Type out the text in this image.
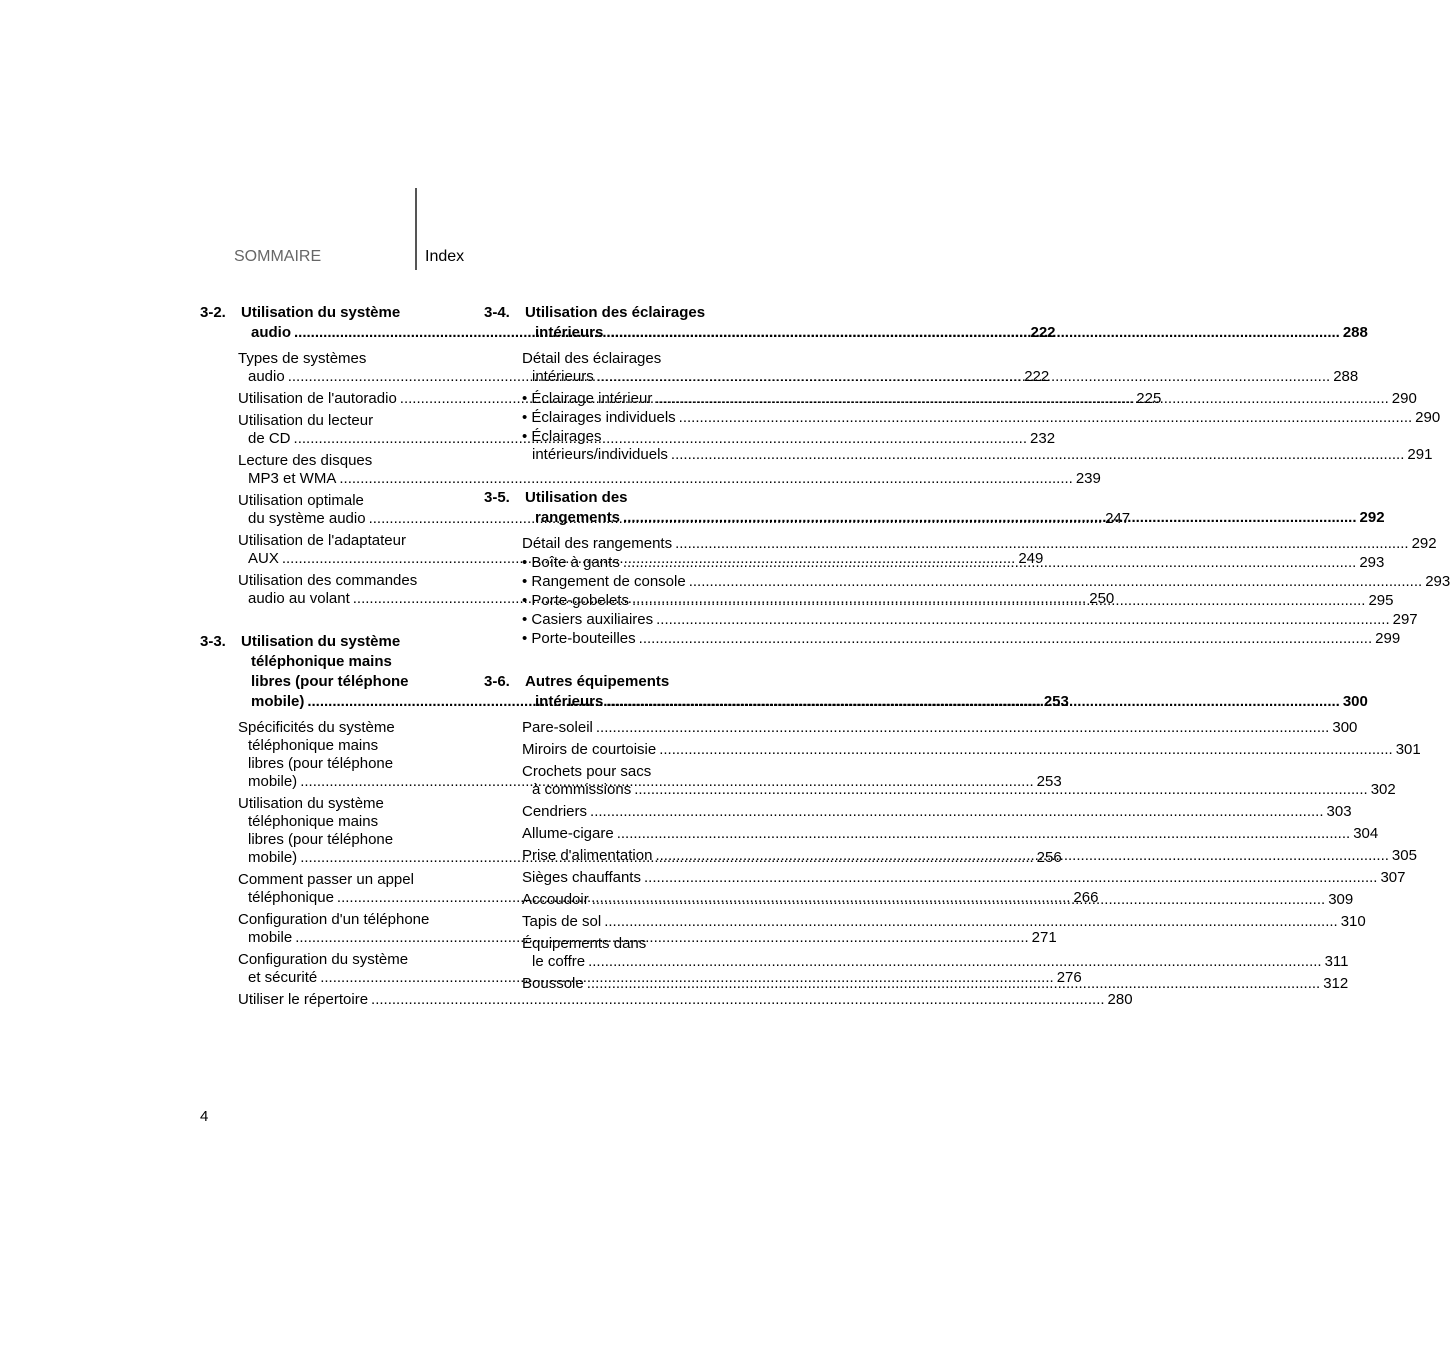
SOMMAIRE	Index
3-2. Utilisation du système
audio .....	222
Types de systèmes
audio .....	222
Utilisation de l'autoradio .....	225
Utilisation du lecteur
de CD .....	232
Lecture des disques
MP3 et WMA .....	239
Utilisation optimale
du système audio .....	247
Utilisation de l'adaptateur
AUX .....	249
Utilisation des commandes
audio au volant .....	250
3-3. Utilisation du système
téléphonique mains
libres (pour téléphone
mobile) .....	253
Spécificités du système
téléphonique mains
libres (pour téléphone
mobile) .....	253
Utilisation du système
téléphonique mains
libres (pour téléphone
mobile) .....	256
Comment passer un appel
téléphonique .....	266
Configuration d'un téléphone
mobile .....	271
Configuration du système
et sécurité .....	276
Utiliser le répertoire .....	280
3-4. Utilisation des éclairages
intérieurs .....	288
Détail des éclairages
intérieurs .....	288
• Éclairage intérieur .....	290
• Éclairages individuels .....	290
• Éclairages
intérieurs/individuels .....	291
3-5. Utilisation des
rangements .....	292
Détail des rangements .....	292
• Boîte à gants .....	293
• Rangement de console .....	293
• Porte-gobelets .....	295
• Casiers auxiliaires .....	297
• Porte-bouteilles .....	299
3-6. Autres équipements
intérieurs .....	300
Pare-soleil .....	300
Miroirs de courtoisie .....	301
Crochets pour sacs
à commissions .....	302
Cendriers .....	303
Allume-cigare .....	304
Prise d'alimentation .....	305
Sièges chauffants .....	307
Accoudoir .....	309
Tapis de sol .....	310
Équipements dans
le coffre .....	311
Boussole .....	312
4
